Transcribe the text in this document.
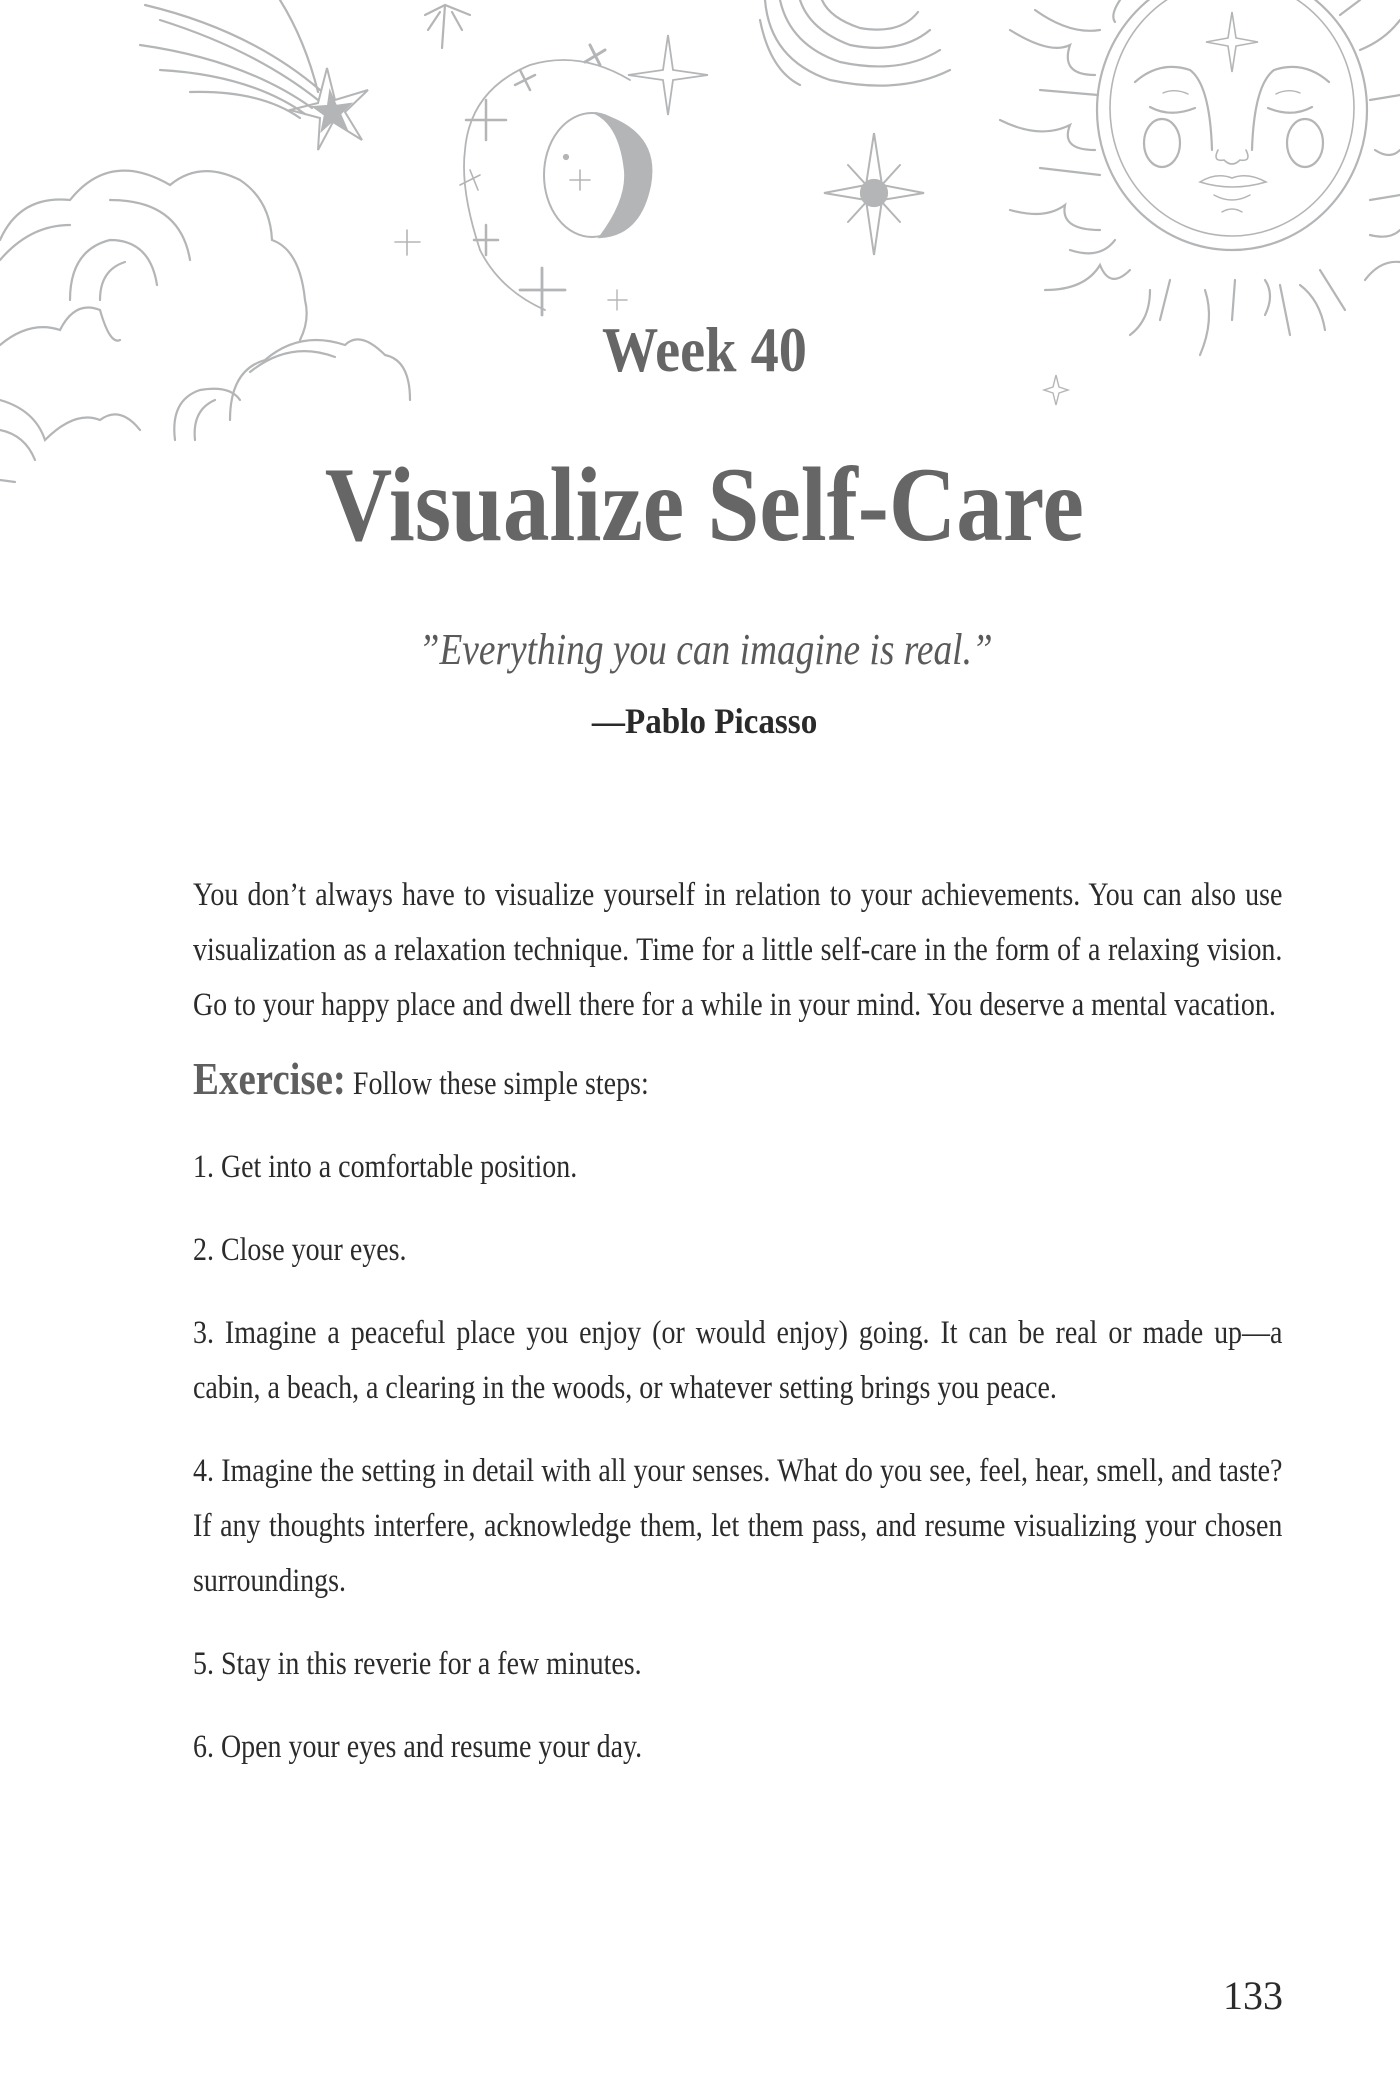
Week 40
Visualize Self-Care
”Everything you can imagine is real.”
—Pablo Picasso

You don’t always have to visualize yourself in relation to your achievements. You can also use visualization as a relaxation technique. Time for a little self-care in the form of a relaxing vision. Go to your happy place and dwell there for a while in your mind. You deserve a mental vacation.

Exercise: Follow these simple steps:

1. Get into a comfortable position.

2. Close your eyes.

3. Imagine a peaceful place you enjoy (or would enjoy) going. It can be real or made up—a cabin, a beach, a clearing in the woods, or whatever setting brings you peace.

4. Imagine the setting in detail with all your senses. What do you see, feel, hear, smell, and taste? If any thoughts interfere, acknowledge them, let them pass, and resume visualizing your chosen surroundings.

5. Stay in this reverie for a few minutes.

6. Open your eyes and resume your day.

133
